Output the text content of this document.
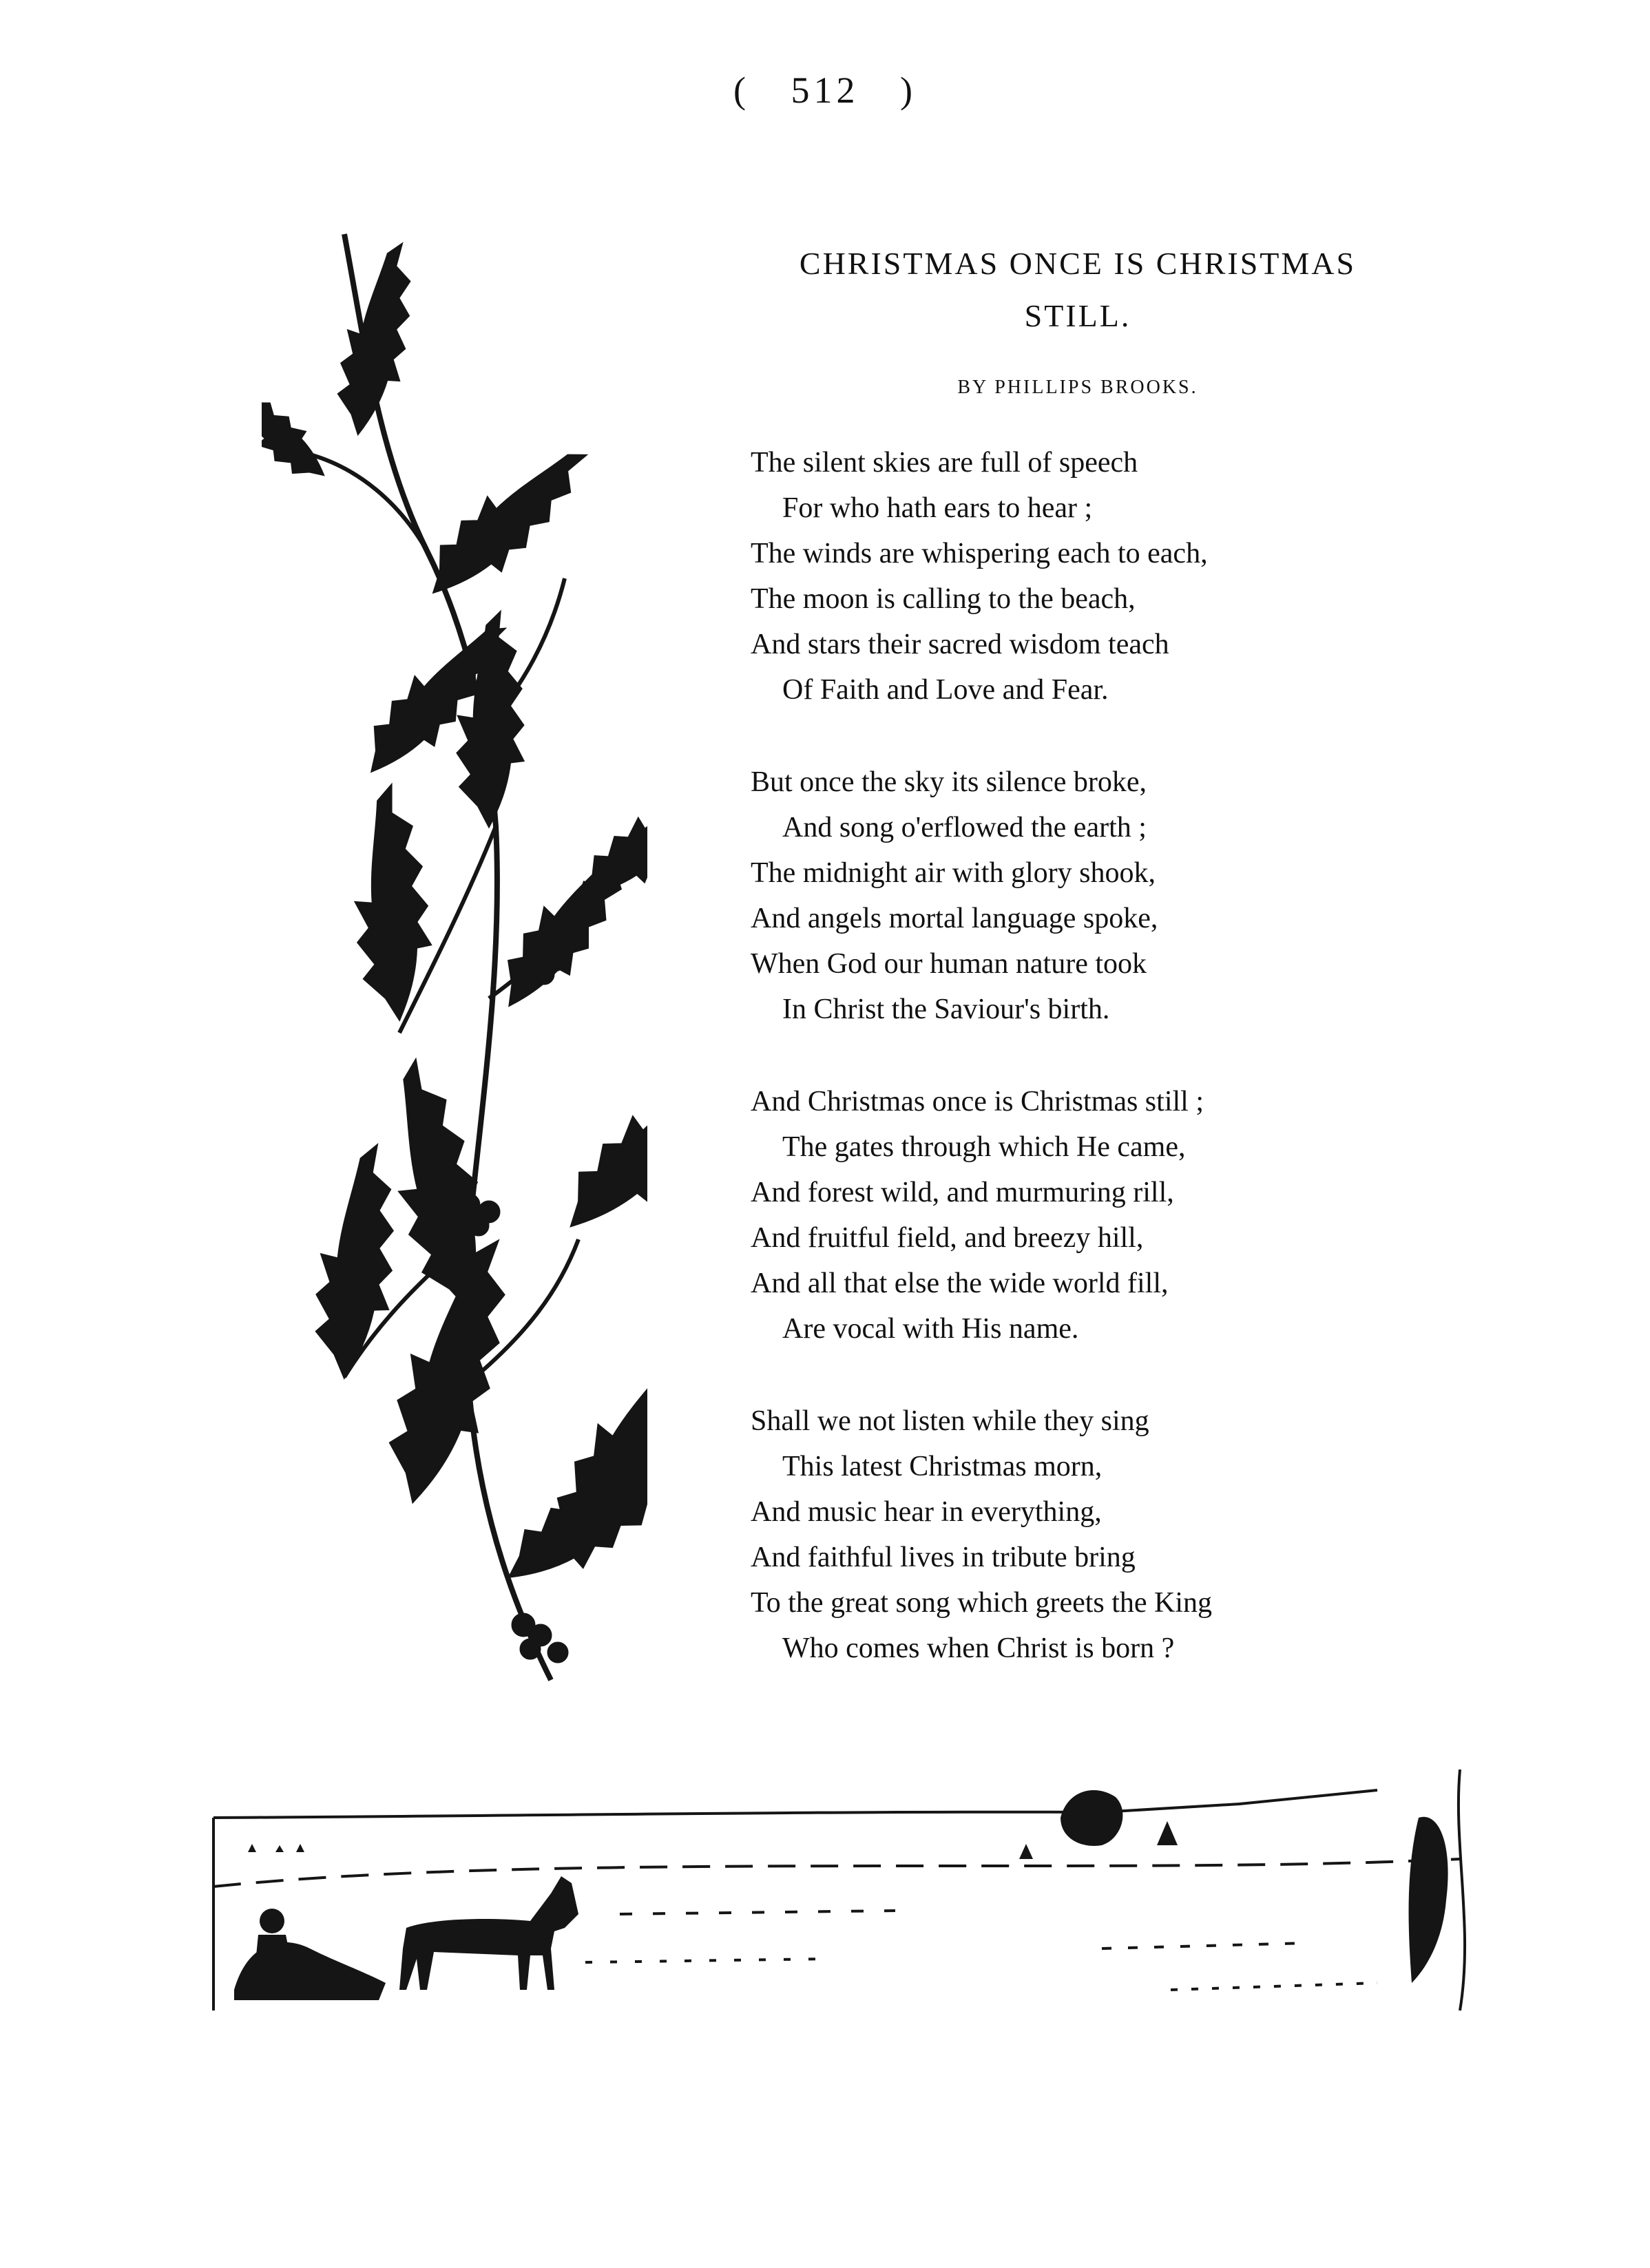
( 512 )
CHRISTMAS ONCE IS CHRISTMAS STILL.
BY PHILLIPS BROOKS.
The silent skies are full of speech
For who hath ears to hear ;
The winds are whispering each to each,
The moon is calling to the beach,
And stars their sacred wisdom teach
Of Faith and Love and Fear.
But once the sky its silence broke,
And song o'erflowed the earth ;
The midnight air with glory shook,
And angels mortal language spoke,
When God our human nature took
In Christ the Saviour's birth.
And Christmas once is Christmas still ;
The gates through which He came,
And forest wild, and murmuring rill,
And fruitful field, and breezy hill,
And all that else the wide world fill,
Are vocal with His name.
Shall we not listen while they sing
This latest Christmas morn,
And music hear in everything,
And faithful lives in tribute bring
To the great song which greets the King
Who comes when Christ is born ?
